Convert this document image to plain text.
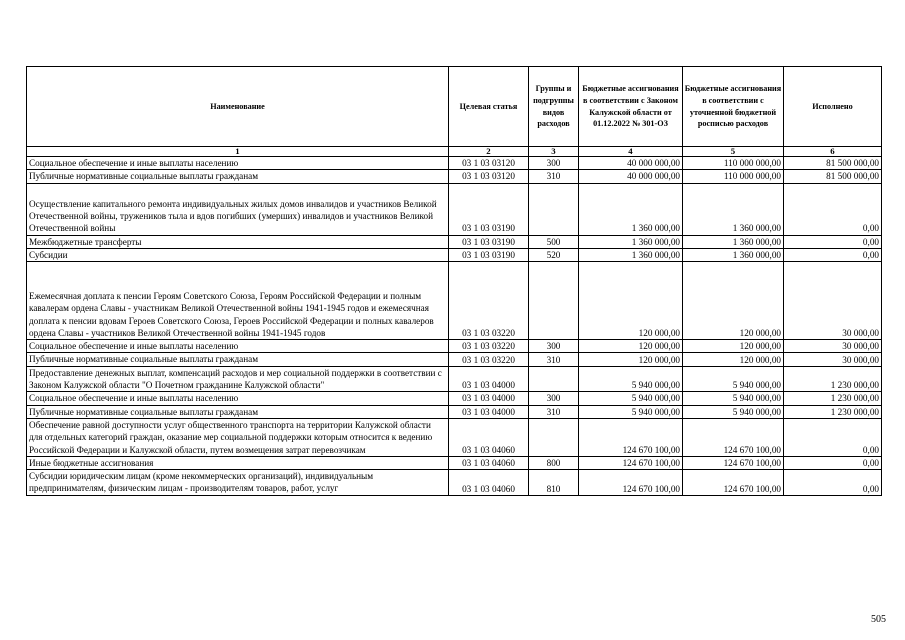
Наименование	Целевая статья	Группы и подгруппы видов расходов	Бюджетные ассигнования в соответствии с Законом Калужской области от 01.12.2022 № 301-ОЗ	Бюджетные ассигнования в соответствии с уточненной бюджетной росписью расходов	Исполнено
1	2	3	4	5	6
Социальное обеспечение и иные выплаты населению	03 1 03 03120	300	40 000 000,00	110 000 000,00	81 500 000,00
Публичные нормативные социальные выплаты гражданам	03 1 03 03120	310	40 000 000,00	110 000 000,00	81 500 000,00
Осуществление капитального ремонта индивидуальных жилых домов инвалидов и участников Великой Отечественной войны, тружеников тыла и вдов погибших (умерших) инвалидов и участников Великой Отечественной войны	03 1 03 03190		1 360 000,00	1 360 000,00	0,00
Межбюджетные трансферты	03 1 03 03190	500	1 360 000,00	1 360 000,00	0,00
Субсидии	03 1 03 03190	520	1 360 000,00	1 360 000,00	0,00
Ежемесячная доплата к пенсии Героям Советского Союза, Героям Российской Федерации и полным кавалерам ордена Славы - участникам Великой Отечественной войны 1941-1945 годов и ежемесячная доплата к пенсии вдовам Героев Советского Союза, Героев Российской Федерации и полных кавалеров ордена Славы - участников Великой Отечественной войны 1941-1945 годов	03 1 03 03220		120 000,00	120 000,00	30 000,00
Социальное обеспечение и иные выплаты населению	03 1 03 03220	300	120 000,00	120 000,00	30 000,00
Публичные нормативные социальные выплаты гражданам	03 1 03 03220	310	120 000,00	120 000,00	30 000,00
Предоставление денежных выплат, компенсаций расходов и мер социальной поддержки в соответствии с Законом Калужской области "О Почетном гражданине Калужской области"	03 1 03 04000		5 940 000,00	5 940 000,00	1 230 000,00
Социальное обеспечение и иные выплаты населению	03 1 03 04000	300	5 940 000,00	5 940 000,00	1 230 000,00
Публичные нормативные социальные выплаты гражданам	03 1 03 04000	310	5 940 000,00	5 940 000,00	1 230 000,00
Обеспечение равной доступности услуг общественного транспорта на территории Калужской области для отдельных категорий граждан, оказание мер социальной поддержки которым относится к ведению Российской Федерации и Калужской области, путем возмещения затрат перевозчикам	03 1 03 04060		124 670 100,00	124 670 100,00	0,00
Иные бюджетные ассигнования	03 1 03 04060	800	124 670 100,00	124 670 100,00	0,00
Субсидии юридическим лицам (кроме некоммерческих организаций), индивидуальным предпринимателям, физическим лицам - производителям товаров, работ, услуг	03 1 03 04060	810	124 670 100,00	124 670 100,00	0,00
505
